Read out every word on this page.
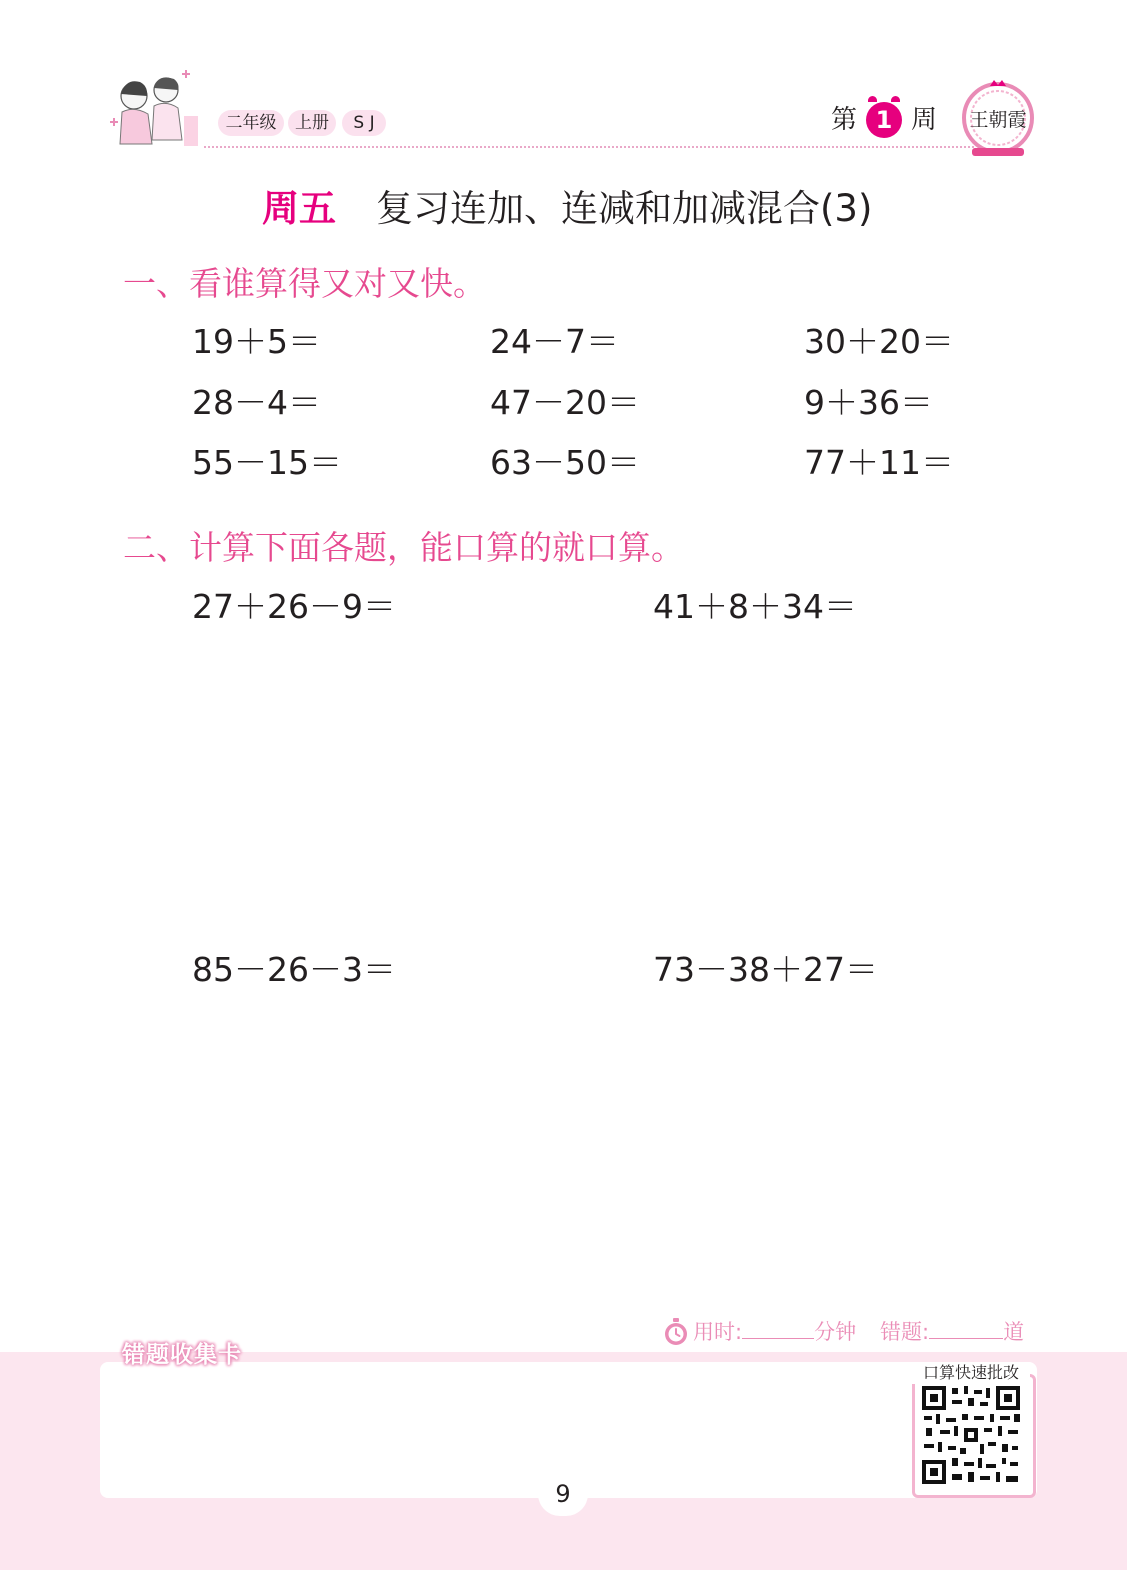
二年级	上册	S J	第 1 周 王朝霞
周五 复习连加、连减和加减混合(3)
一、看谁算得又对又快。
19＋5＝	24－7＝	30＋20＝
28－4＝	47－20＝	9＋36＝
55－15＝	63－50＝	77＋11＝
二、计算下面各题，能口算的就口算。
27＋26－9＝	41＋8＋34＝
85－26－3＝	73－38＋27＝
用时:	分钟 错题:	道
错题收集卡
口算快速批改
9
